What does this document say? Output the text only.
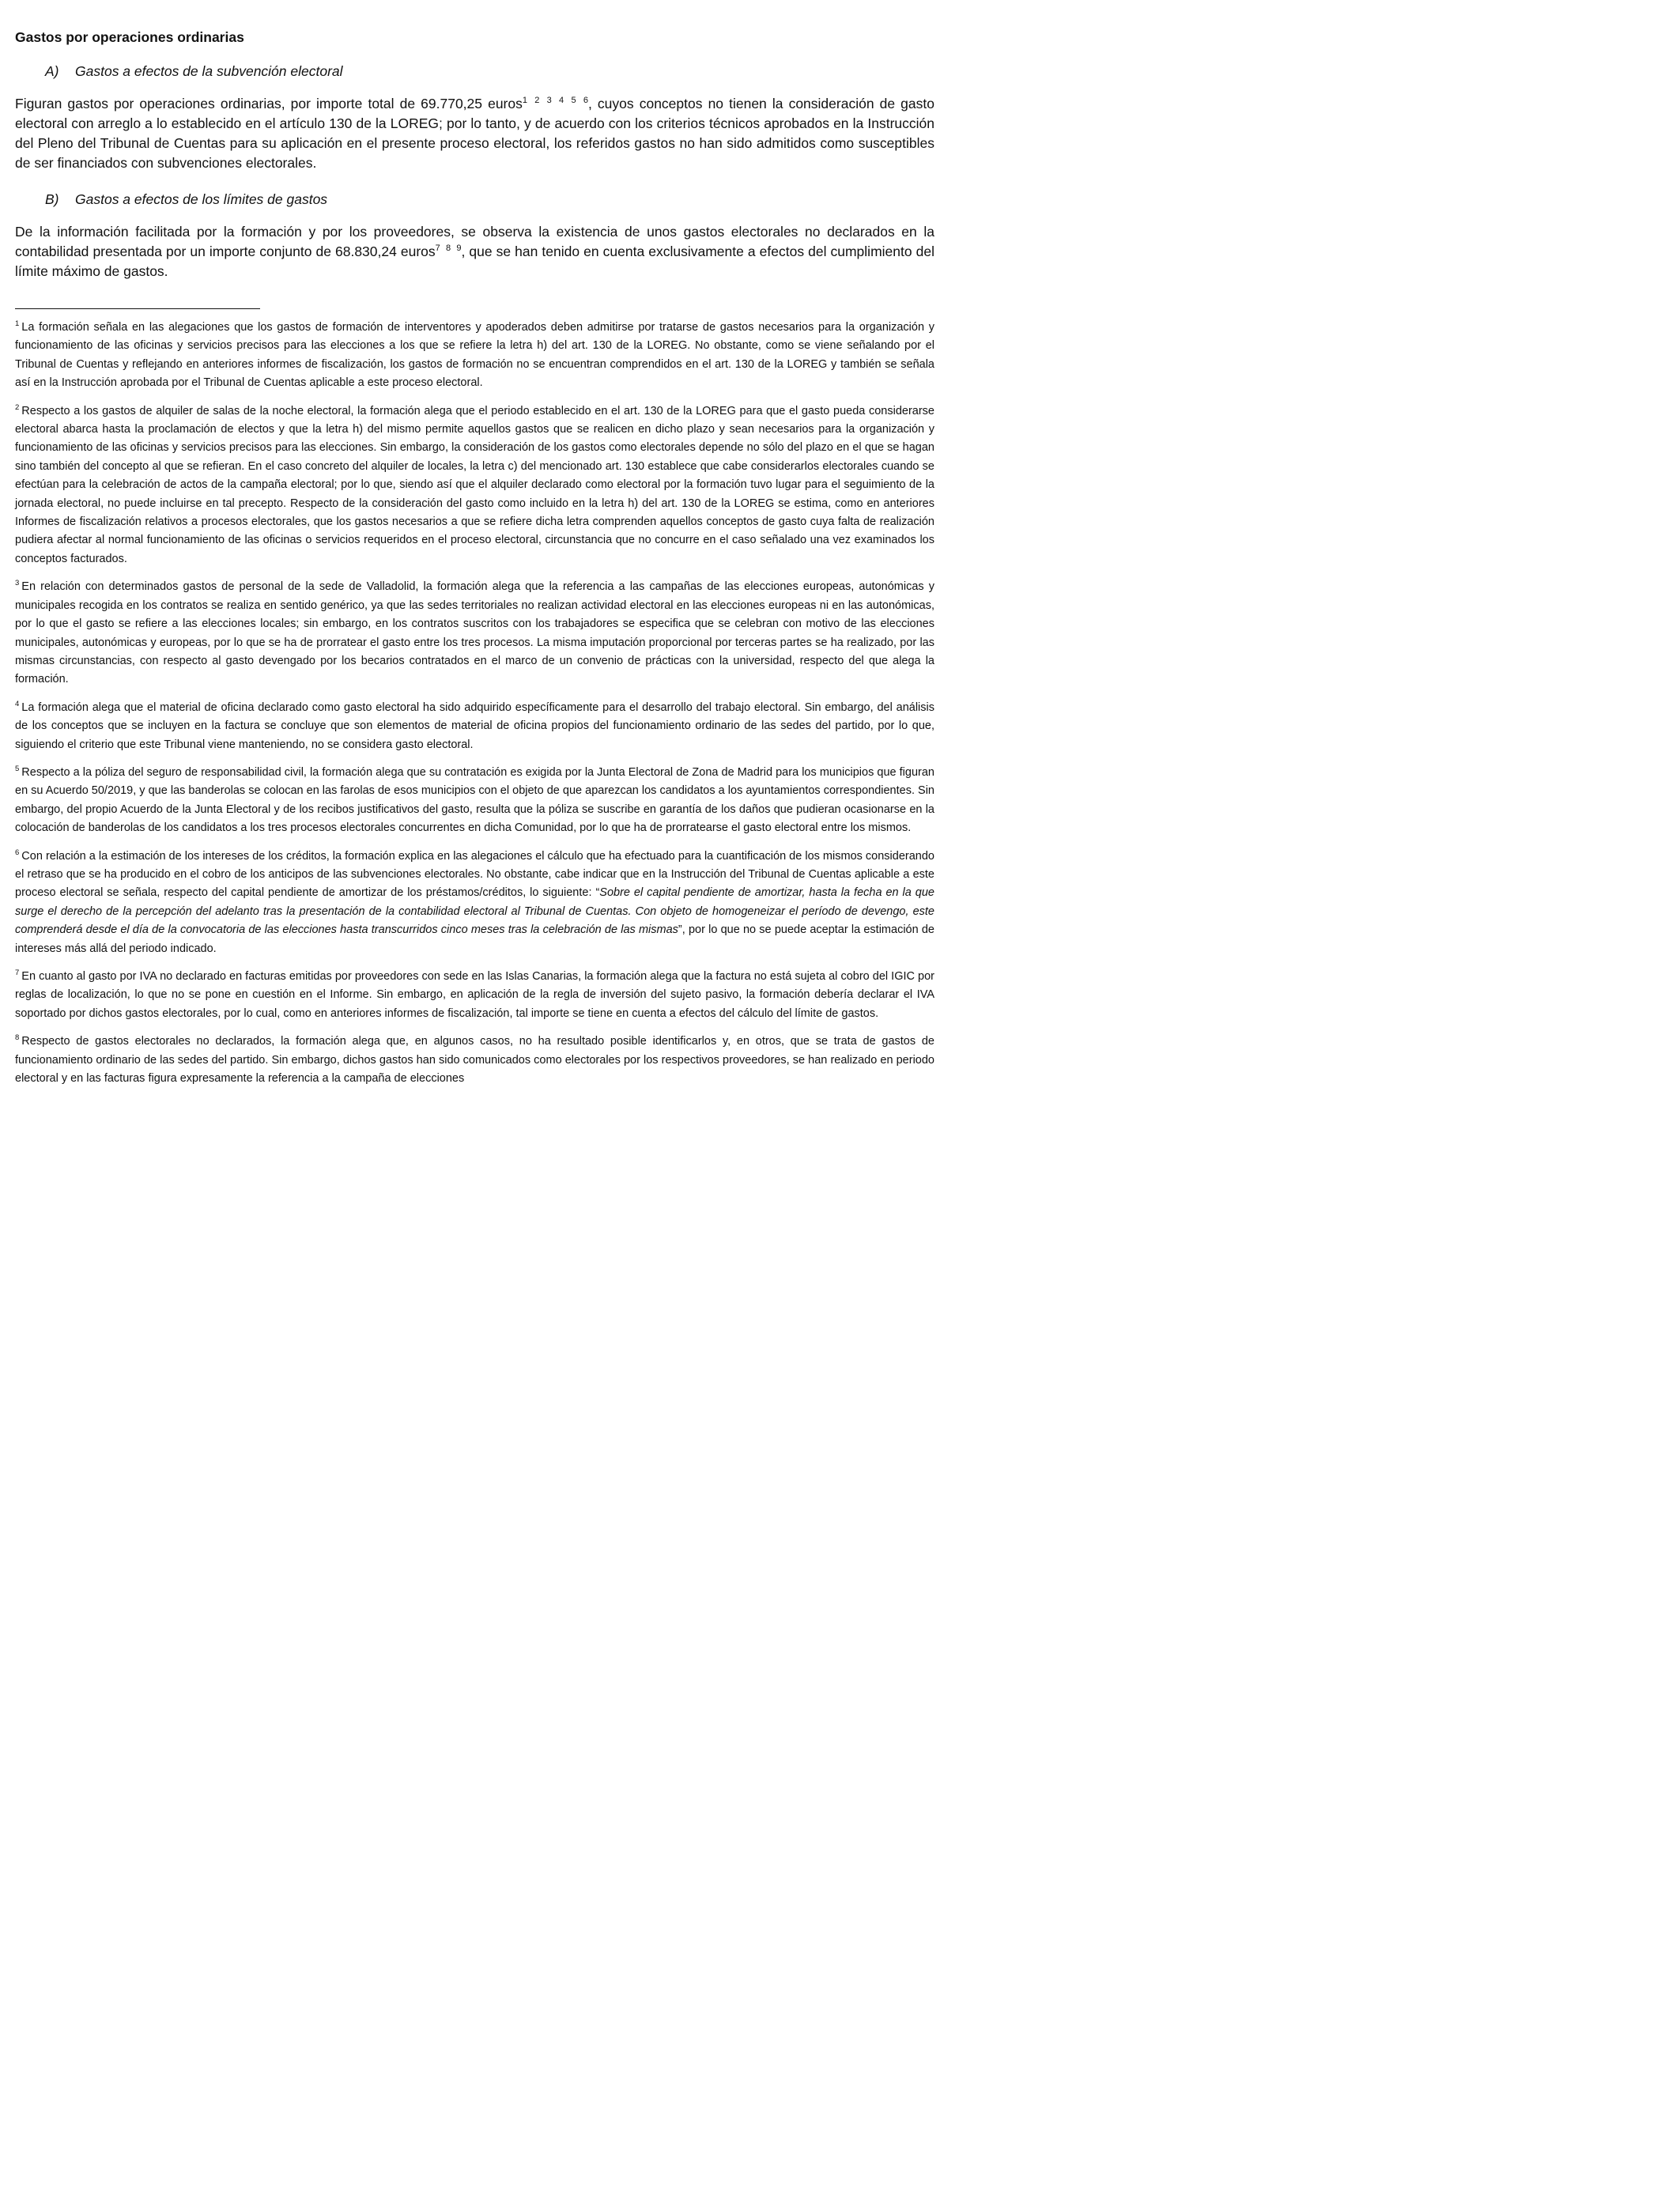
Gastos por operaciones ordinarias

A) Gastos a efectos de la subvención electoral

Figuran gastos por operaciones ordinarias, por importe total de 69.770,25 euros$^{1 2 3 4 5 6}$, cuyos conceptos no tienen la consideración de gasto electoral con arreglo a lo establecido en el artículo 130 de la LOREG; por lo tanto, y de acuerdo con los criterios técnicos aprobados en la Instrucción del Pleno del Tribunal de Cuentas para su aplicación en el presente proceso electoral, los referidos gastos no han sido admitidos como susceptibles de ser financiados con subvenciones electorales.

B) Gastos a efectos de los límites de gastos

De la información facilitada por la formación y por los proveedores, se observa la existencia de unos gastos electorales no declarados en la contabilidad presentada por un importe conjunto de 68.830,24 euros$^{7 8 9}$, que se han tenido en cuenta exclusivamente a efectos del cumplimiento del límite máximo de gastos.

$^1$ La formación señala en las alegaciones que los gastos de formación de interventores y apoderados deben admitirse por tratarse de gastos necesarios para la organización y funcionamiento de las oficinas y servicios precisos para las elecciones a los que se refiere la letra h) del art. 130 de la LOREG. No obstante, como se viene señalando por el Tribunal de Cuentas y reflejando en anteriores informes de fiscalización, los gastos de formación no se encuentran comprendidos en el art. 130 de la LOREG y también se señala así en la Instrucción aprobada por el Tribunal de Cuentas aplicable a este proceso electoral.

$^2$ Respecto a los gastos de alquiler de salas de la noche electoral, la formación alega que el periodo establecido en el art. 130 de la LOREG para que el gasto pueda considerarse electoral abarca hasta la proclamación de electos y que la letra h) del mismo permite aquellos gastos que se realicen en dicho plazo y sean necesarios para la organización y funcionamiento de las oficinas y servicios precisos para las elecciones. Sin embargo, la consideración de los gastos como electorales depende no sólo del plazo en el que se hagan sino también del concepto al que se refieran. En el caso concreto del alquiler de locales, la letra c) del mencionado art. 130 establece que cabe considerarlos electorales cuando se efectúan para la celebración de actos de la campaña electoral; por lo que, siendo así que el alquiler declarado como electoral por la formación tuvo lugar para el seguimiento de la jornada electoral, no puede incluirse en tal precepto. Respecto de la consideración del gasto como incluido en la letra h) del art. 130 de la LOREG se estima, como en anteriores Informes de fiscalización relativos a procesos electorales, que los gastos necesarios a que se refiere dicha letra comprenden aquellos conceptos de gasto cuya falta de realización pudiera afectar al normal funcionamiento de las oficinas o servicios requeridos en el proceso electoral, circunstancia que no concurre en el caso señalado una vez examinados los conceptos facturados.

$^3$ En relación con determinados gastos de personal de la sede de Valladolid, la formación alega que la referencia a las campañas de las elecciones europeas, autonómicas y municipales recogida en los contratos se realiza en sentido genérico, ya que las sedes territoriales no realizan actividad electoral en las elecciones europeas ni en las autonómicas, por lo que el gasto se refiere a las elecciones locales; sin embargo, en los contratos suscritos con los trabajadores se especifica que se celebran con motivo de las elecciones municipales, autonómicas y europeas, por lo que se ha de prorratear el gasto entre los tres procesos. La misma imputación proporcional por terceras partes se ha realizado, por las mismas circunstancias, con respecto al gasto devengado por los becarios contratados en el marco de un convenio de prácticas con la universidad, respecto del que alega la formación.

$^4$ La formación alega que el material de oficina declarado como gasto electoral ha sido adquirido específicamente para el desarrollo del trabajo electoral. Sin embargo, del análisis de los conceptos que se incluyen en la factura se concluye que son elementos de material de oficina propios del funcionamiento ordinario de las sedes del partido, por lo que, siguiendo el criterio que este Tribunal viene manteniendo, no se considera gasto electoral.

$^5$ Respecto a la póliza del seguro de responsabilidad civil, la formación alega que su contratación es exigida por la Junta Electoral de Zona de Madrid para los municipios que figuran en su Acuerdo 50/2019, y que las banderolas se colocan en las farolas de esos municipios con el objeto de que aparezcan los candidatos a los ayuntamientos correspondientes. Sin embargo, del propio Acuerdo de la Junta Electoral y de los recibos justificativos del gasto, resulta que la póliza se suscribe en garantía de los daños que pudieran ocasionarse en la colocación de banderolas de los candidatos a los tres procesos electorales concurrentes en dicha Comunidad, por lo que ha de prorratearse el gasto electoral entre los mismos.

$^6$ Con relación a la estimación de los intereses de los créditos, la formación explica en las alegaciones el cálculo que ha efectuado para la cuantificación de los mismos considerando el retraso que se ha producido en el cobro de los anticipos de las subvenciones electorales. No obstante, cabe indicar que en la Instrucción del Tribunal de Cuentas aplicable a este proceso electoral se señala, respecto del capital pendiente de amortizar de los préstamos/créditos, lo siguiente: “Sobre el capital pendiente de amortizar, hasta la fecha en la que surge el derecho de la percepción del adelanto tras la presentación de la contabilidad electoral al Tribunal de Cuentas. Con objeto de homogeneizar el período de devengo, este comprenderá desde el día de la convocatoria de las elecciones hasta transcurridos cinco meses tras la celebración de las mismas”, por lo que no se puede aceptar la estimación de intereses más allá del periodo indicado.

$^7$ En cuanto al gasto por IVA no declarado en facturas emitidas por proveedores con sede en las Islas Canarias, la formación alega que la factura no está sujeta al cobro del IGIC por reglas de localización, lo que no se pone en cuestión en el Informe. Sin embargo, en aplicación de la regla de inversión del sujeto pasivo, la formación debería declarar el IVA soportado por dichos gastos electorales, por lo cual, como en anteriores informes de fiscalización, tal importe se tiene en cuenta a efectos del cálculo del límite de gastos.

$^8$ Respecto de gastos electorales no declarados, la formación alega que, en algunos casos, no ha resultado posible identificarlos y, en otros, que se trata de gastos de funcionamiento ordinario de las sedes del partido. Sin embargo, dichos gastos han sido comunicados como electorales por los respectivos proveedores, se han realizado en periodo electoral y en las facturas figura expresamente la referencia a la campaña de elecciones
